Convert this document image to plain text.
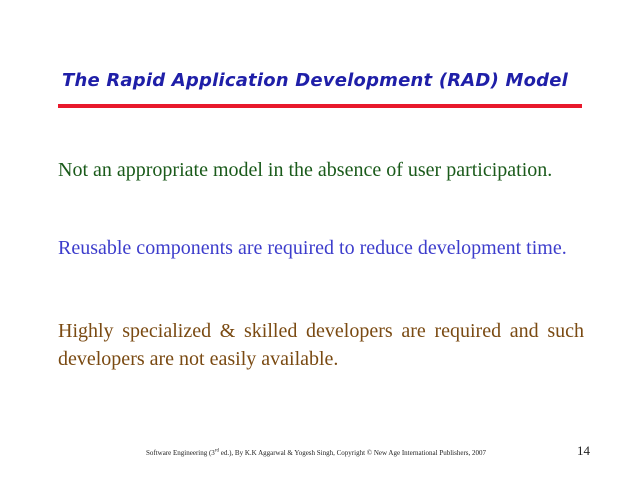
The Rapid Application Development (RAD) Model

Not an appropriate model in the absence of user participation.

Reusable components are required to reduce development time.

Highly specialized & skilled developers are required and such developers are not easily available.

Software Engineering (3rd ed.), By K.K Aggarwal & Yogesh Singh, Copyright © New Age International Publishers, 2007	14
